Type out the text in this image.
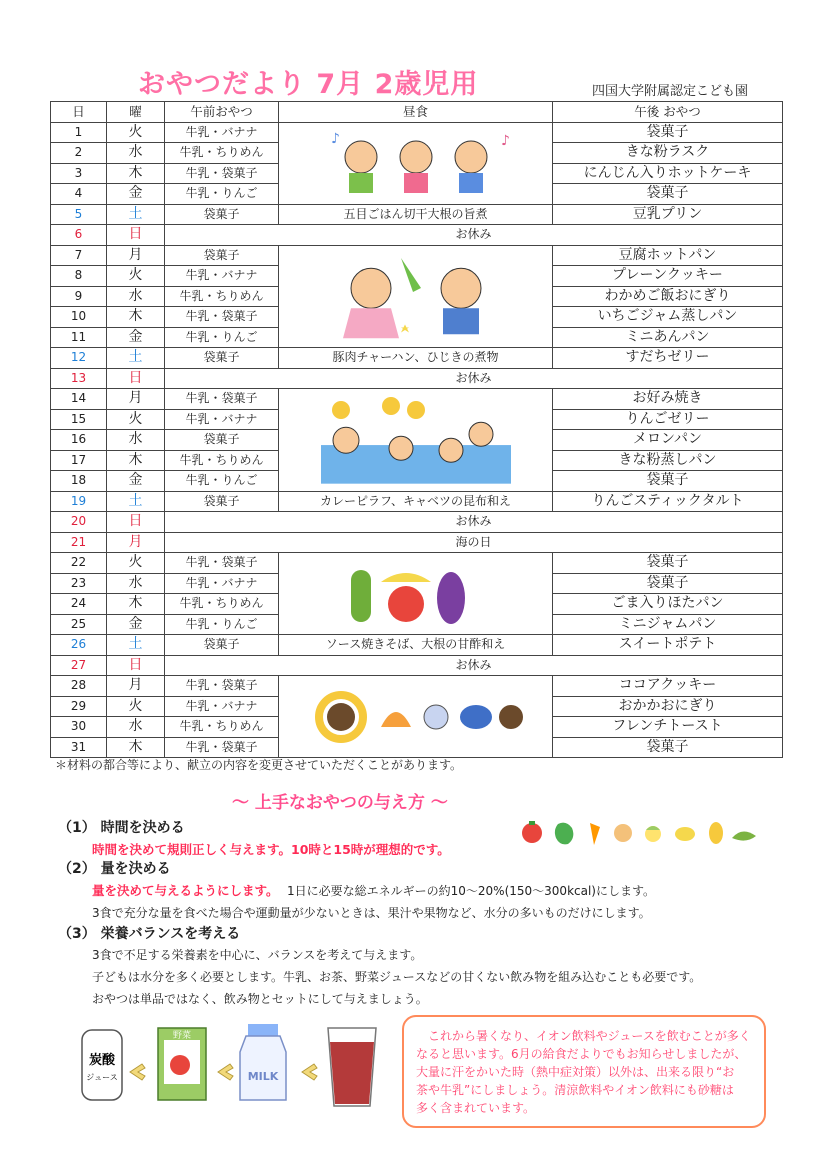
おやつだより 7月 2歳児用	四国大学附属認定こども園
日	曜	午前おやつ	昼食	午後 おやつ
1	火	牛乳・バナナ	♪ ♪	袋菓子
2	水	牛乳・ちりめん		きな粉ラスク
3	木	牛乳・袋菓子		にんじん入りホットケーキ
4	金	牛乳・りんご		袋菓子
5	土	袋菓子	五目ごはん切干大根の旨煮	豆乳プリン
6	日	お休み		
7	月	袋菓子		豆腐ホットパン
8	火	牛乳・バナナ		プレーンクッキー
9	水	牛乳・ちりめん		わかめご飯おにぎり
10	木	牛乳・袋菓子		いちごジャム蒸しパン
11	金	牛乳・りんご		ミニあんパン
12	土	袋菓子	豚肉チャーハン、ひじきの煮物	すだちゼリー
13	日	お休み		
14	月	牛乳・袋菓子		お好み焼き
15	火	牛乳・バナナ		りんごゼリー
16	水	袋菓子		メロンパン
17	木	牛乳・ちりめん		きな粉蒸しパン
18	金	牛乳・りんご		袋菓子
19	土	袋菓子	カレーピラフ、キャベツの昆布和え	りんごスティックタルト
20	日	お休み		
21	月	海の日		
22	火	牛乳・袋菓子		袋菓子
23	水	牛乳・バナナ		袋菓子
24	木	牛乳・ちりめん		ごま入りほたパン
25	金	牛乳・りんご		ミニジャムパン
26	土	袋菓子	ソース焼きそば、大根の甘酢和え	スイートポテト
27	日	お休み		
28	月	牛乳・袋菓子		ココアクッキー
29	火	牛乳・バナナ		おかかおにぎり
30	水	牛乳・ちりめん		フレンチトースト
31	木	牛乳・袋菓子		袋菓子
＊材料の都合等により、献立の内容を変更させていただくことがあります。
～ 上手なおやつの与え方 ～
（1） 時間を決める
時間を決めて規則正しく与えます。10時と15時が理想的です。
（2） 量を決める
量を決めて与えるようにします。 1日に必要な総エネルギーの約10～20%(150～300kcal)にします。
3食で充分な量を食べた場合や運動量が少ないときは、果汁や果物など、水分の多いものだけにします。
（3） 栄養バランスを考える
3食で不足する栄養素を中心に、バランスを考えて与えます。
子どもは水分を多く必要とします。牛乳、お茶、野菜ジュースなどの甘くない飲み物を組み込むことも必要です。
おやつは単品ではなく、飲み物とセットにして与えましょう。
炭酸
ジュース
野菜
MILK

これから暑くなり、イオン飲料やジュースを飲むことが多く

なると思います。6月の給食だよりでもお知らせしましたが、

大量に汗をかいた時（熱中症対策）以外は、出来る限り“お

茶や牛乳”にしましょう。清涼飲料やイオン飲料にも砂糖は

多く含まれています。
